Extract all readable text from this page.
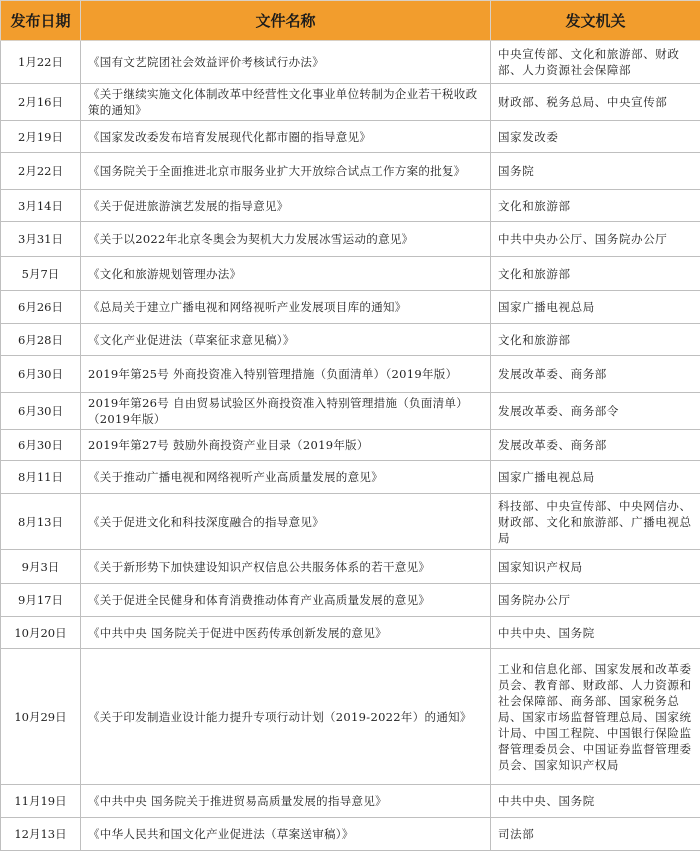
发布日期	文件名称	发文机关
1月22日	《国有文艺院团社会效益评价考核试行办法》	中央宣传部、文化和旅游部、财政部、人力资源社会保障部
2月16日	《关于继续实施文化体制改革中经营性文化事业单位转制为企业若干税收政策的通知》	财政部、税务总局、中央宣传部
2月19日	《国家发改委发布培育发展现代化都市圈的指导意见》	国家发改委
2月22日	《国务院关于全面推进北京市服务业扩大开放综合试点工作方案的批复》	国务院
3月14日	《关于促进旅游演艺发展的指导意见》	文化和旅游部
3月31日	《关于以2022年北京冬奥会为契机大力发展冰雪运动的意见》	中共中央办公厅、国务院办公厅
5月7日	《文化和旅游规划管理办法》	文化和旅游部
6月26日	《总局关于建立广播电视和网络视听产业发展项目库的通知》	国家广播电视总局
6月28日	《文化产业促进法（草案征求意见稿）》	文化和旅游部
6月30日	2019年第25号 外商投资准入特别管理措施（负面清单）（2019年版）	发展改革委、商务部
6月30日	2019年第26号 自由贸易试验区外商投资准入特别管理措施（负面清单）（2019年版）	发展改革委、商务部令
6月30日	2019年第27号 鼓励外商投资产业目录（2019年版）	发展改革委、商务部
8月11日	《关于推动广播电视和网络视听产业高质量发展的意见》	国家广播电视总局
8月13日	《关于促进文化和科技深度融合的指导意见》	科技部、中央宣传部、中央网信办、财政部、文化和旅游部、广播电视总局
9月3日	《关于新形势下加快建设知识产权信息公共服务体系的若干意见》	国家知识产权局
9月17日	《关于促进全民健身和体育消费推动体育产业高质量发展的意见》	国务院办公厅
10月20日	《中共中央 国务院关于促进中医药传承创新发展的意见》	中共中央、国务院
10月29日	《关于印发制造业设计能力提升专项行动计划（2019-2022年）的通知》	工业和信息化部、国家发展和改革委员会、教育部、财政部、人力资源和社会保障部、商务部、国家税务总局、国家市场监督管理总局、国家统计局、中国工程院、中国银行保险监督管理委员会、中国证券监督管理委员会、国家知识产权局
11月19日	《中共中央 国务院关于推进贸易高质量发展的指导意见》	中共中央、国务院
12月13日	《中华人民共和国文化产业促进法（草案送审稿）》	司法部
